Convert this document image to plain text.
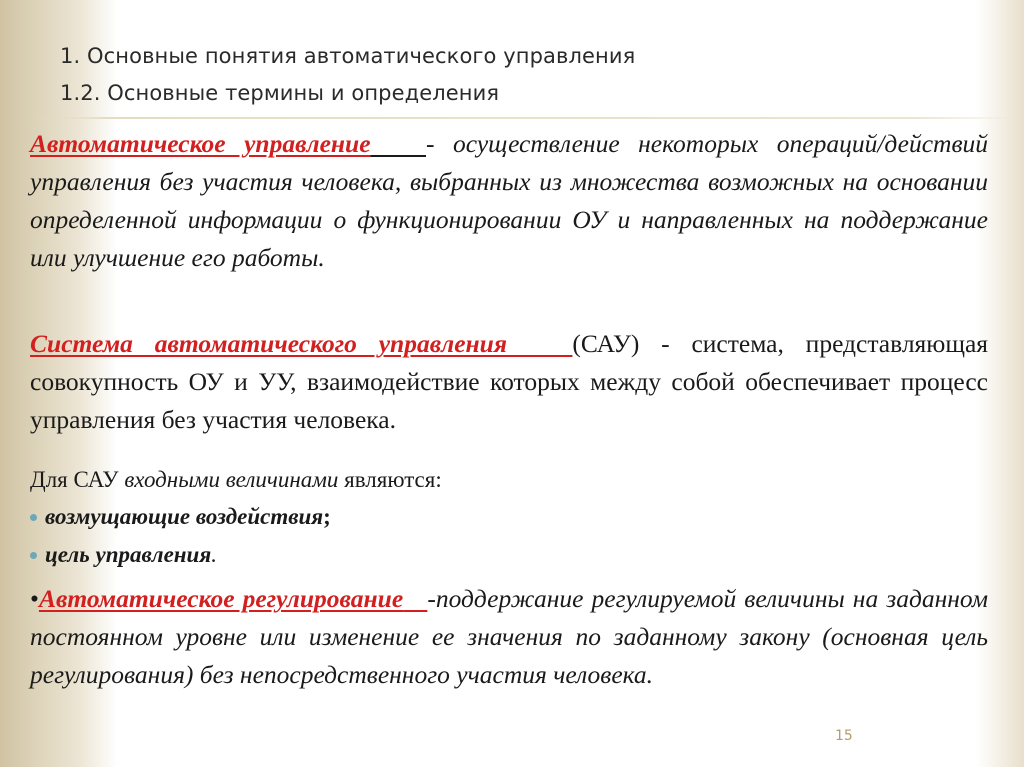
1. Основные понятия автоматического управления
1.2. Основные термины и определения
Автоматическое управление - осуществление некоторых операций/действий управления без участия человека, выбранных из множества возможных на основании определенной информации о функционировании ОУ и направленных на поддержание или улучшение его работы.
Система автоматического управления	(САУ) - система, представляющая совокупность ОУ и УУ, взаимодействие которых между собой обеспечивает процесс управления без участия человека.
Для САУ входными величинами являются:
возмущающие воздействия ;
цель управления .
•Автоматическое регулирование -поддержание регулируемой величины на заданном постоянном уровне или изменение ее значения по заданному закону (основная цель регулирования) без непосредственного участия человека.
15
